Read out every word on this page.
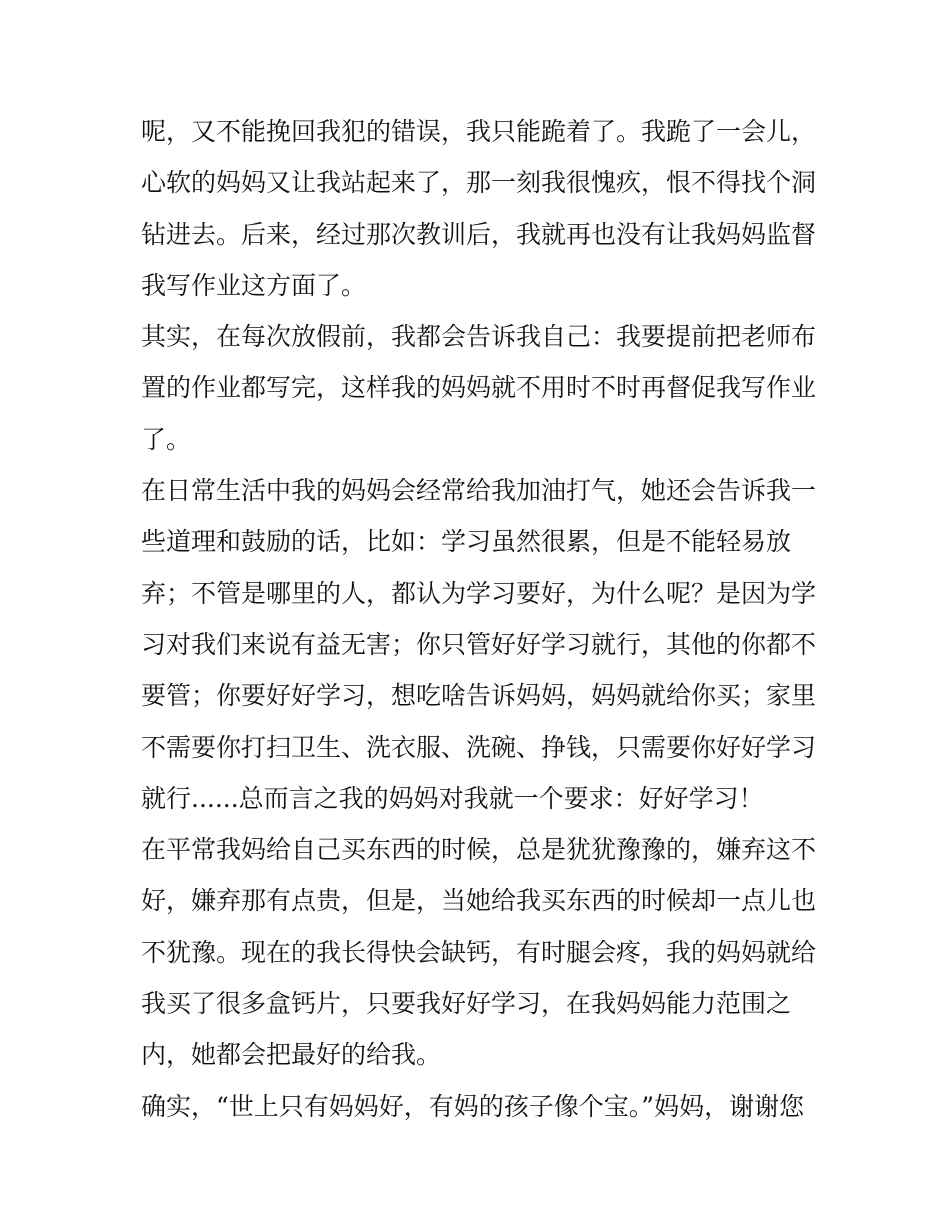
呢，又不能挽回我犯的错误，我只能跪着了。我跪了一会儿，
心软的妈妈又让我站起来了，那一刻我很愧疚，恨不得找个洞
钻进去。后来，经过那次教训后，我就再也没有让我妈妈监督
我写作业这方面了。
其实，在每次放假前，我都会告诉我自己：我要提前把老师布
置的作业都写完，这样我的妈妈就不用时不时再督促我写作业
了。
在日常生活中我的妈妈会经常给我加油打气，她还会告诉我一
些道理和鼓励的话，比如：学习虽然很累，但是不能轻易放
弃；不管是哪里的人，都认为学习要好，为什么呢？是因为学
习对我们来说有益无害；你只管好好学习就行，其他的你都不
要管；你要好好学习，想吃啥告诉妈妈，妈妈就给你买；家里
不需要你打扫卫生、洗衣服、洗碗、挣钱，只需要你好好学习
就行......总而言之我的妈妈对我就一个要求：好好学习！
在平常我妈给自己买东西的时候，总是犹犹豫豫的，嫌弃这不
好，嫌弃那有点贵，但是，当她给我买东西的时候却一点儿也
不犹豫。现在的我长得快会缺钙，有时腿会疼，我的妈妈就给
我买了很多盒钙片，只要我好好学习，在我妈妈能力范围之
内，她都会把最好的给我。
确实，“世上只有妈妈好，有妈的孩子像个宝。”妈妈，谢谢您
